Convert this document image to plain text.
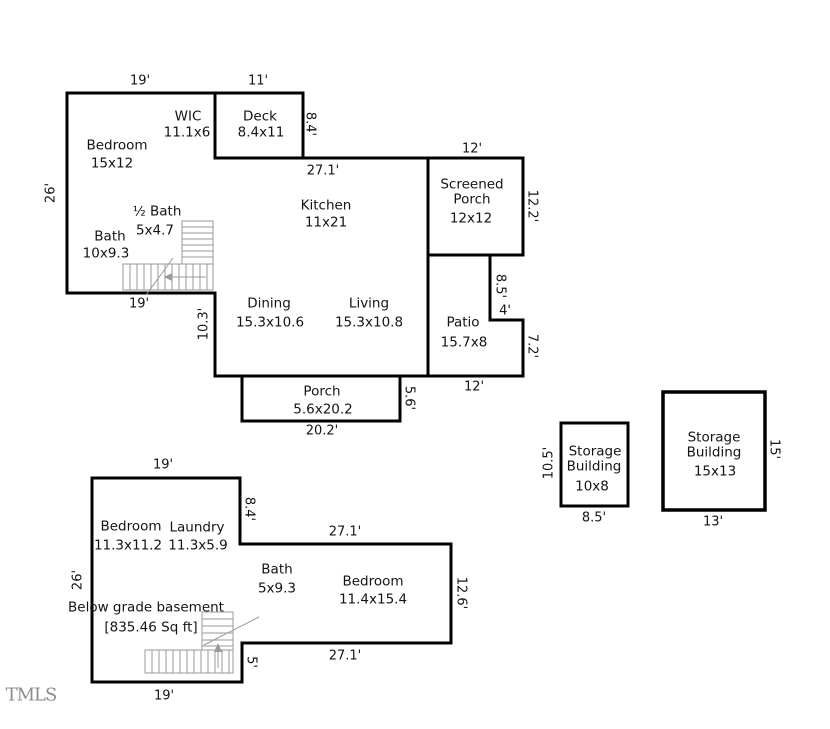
Bedroom
15x12
WIC
11.1x6
Deck
8.4x11
½ Bath
5x4.7
Bath
10x9.3
Kitchen
11x21
Dining
15.3x10.6
Living
15.3x10.8
Screened
Porch
12x12
Patio
15.7x8
Porch
5.6x20.2
19'	11'
8.4'
27.1'
12'
12.2'
26'
19'
10.3'
8.5'
4'
7.2'
12'
5.6'
20.2'
Bedroom
11.3x11.2
Laundry
11.3x5.9
Bath
5x9.3	Bedroom
11.4x15.4
Below grade basement
[835.46 Sq ft]
19'
8.4'
27.1'
12.6'
27.1'
5'
19'
26'
Storage
Building
10x8
10.5'
8.5'
Storage
Building
15x13
15'
13'
TMLS
